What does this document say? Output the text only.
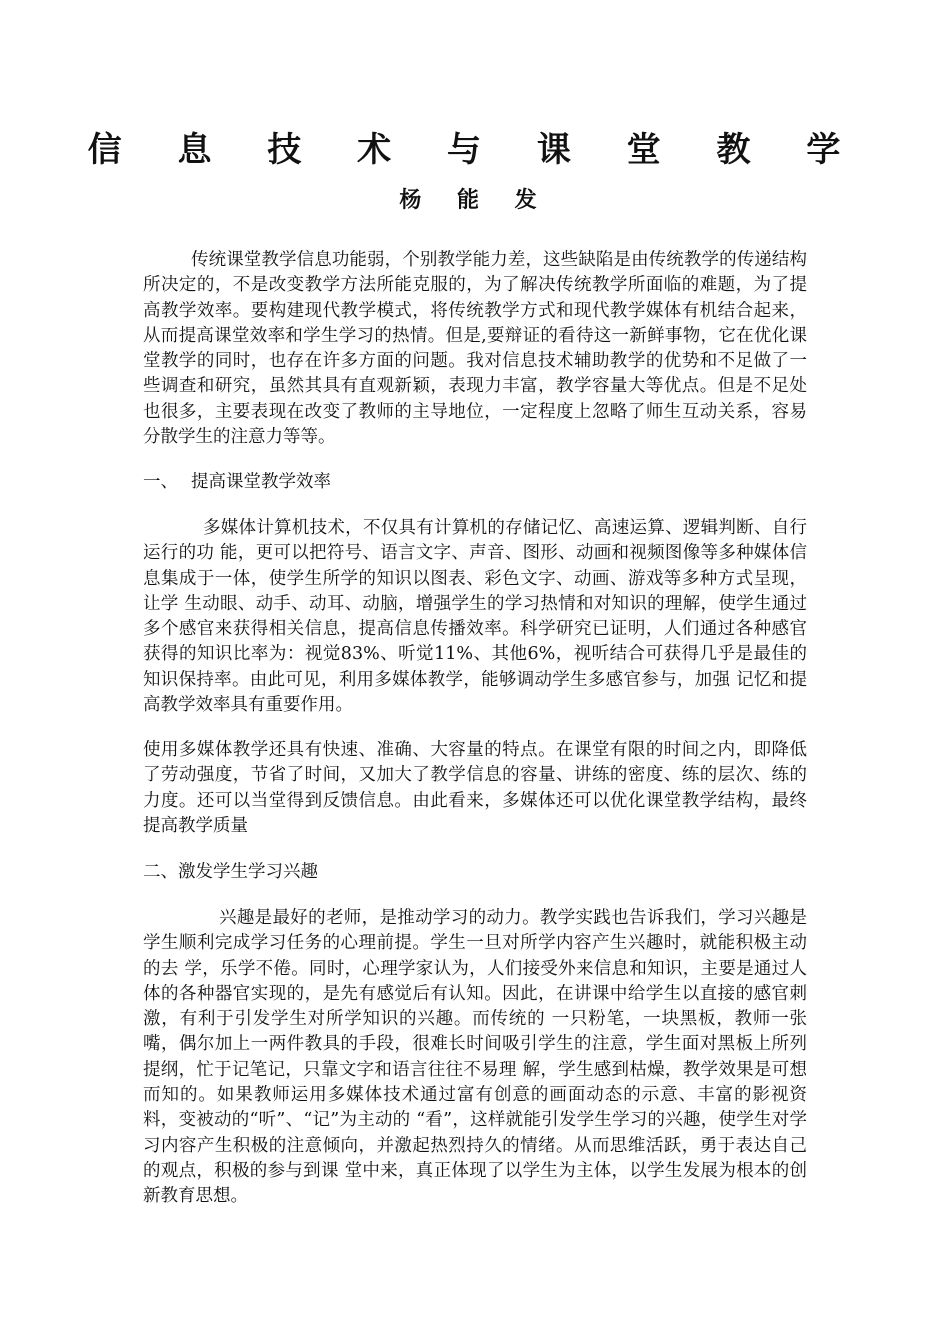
信 息 技 术 与 课 堂 教 学
杨 能 发

传统课堂教学信息功能弱，个别教学能力差，这些缺陷是由传统教学的传递结构所决定的，不是改变教学方法所能克服的，为了解决传统教学所面临的难题，为了提高教学效率。要构建现代教学模式，将传统教学方式和现代教学媒体有机结合起来，从而提高课堂效率和学生学习的热情。但是,要辩证的看待这一新鲜事物，它在优化课堂教学的同时，也存在许多方面的问题。我对信息技术辅助教学的优势和不足做了一些调查和研究，虽然其具有直观新颖，表现力丰富，教学容量大等优点。但是不足处也很多，主要表现在改变了教师的主导地位，一定程度上忽略了师生互动关系，容易分散学生的注意力等等。

一、 提高课堂教学效率

多媒体计算机技术，不仅具有计算机的存储记忆、高速运算、逻辑判断、自行运行的功 能，更可以把符号、语言文字、声音、图形、动画和视频图像等多种媒体信息集成于一体，使学生所学的知识以图表、彩色文字、动画、游戏等多种方式呈现，让学 生动眼、动手、动耳、动脑，增强学生的学习热情和对知识的理解，使学生通过多个感官来获得相关信息，提高信息传播效率。科学研究已证明，人们通过各种感官 获得的知识比率为：视觉83%、听觉11%、其他6%，视听结合可获得几乎是最佳的知识保持率。由此可见，利用多媒体教学，能够调动学生多感官参与，加强 记忆和提高教学效率具有重要作用。

使用多媒体教学还具有快速、准确、大容量的特点。在课堂有限的时间之内，即降低了劳动强度，节省了时间，又加大了教学信息的容量、讲练的密度、练的层次、练的力度。还可以当堂得到反馈信息。由此看来，多媒体还可以优化课堂教学结构，最终提高教学质量

二、激发学生学习兴趣

兴趣是最好的老师，是推动学习的动力。教学实践也告诉我们，学习兴趣是学生顺利完成学习任务的心理前提。学生一旦对所学内容产生兴趣时，就能积极主动的去 学，乐学不倦。同时，心理学家认为，人们接受外来信息和知识，主要是通过人体的各种器官实现的，是先有感觉后有认知。因此，在讲课中给学生以直接的感官刺激，有利于引发学生对所学知识的兴趣。而传统的 一只粉笔，一块黑板，教师一张嘴，偶尔加上一两件教具的手段，很难长时间吸引学生的注意，学生面对黑板上所列提纲，忙于记笔记，只靠文字和语言往往不易理 解，学生感到枯燥，教学效果是可想而知的。如果教师运用多媒体技术通过富有创意的画面动态的示意、丰富的影视资料，变被动的“听”、“记”为主动的 “看”，这样就能引发学生学习的兴趣，使学生对学习内容产生积极的注意倾向，并激起热烈持久的情绪。从而思维活跃，勇于表达自己的观点，积极的参与到课 堂中来，真正体现了以学生为主体，以学生发展为根本的创新教育思想。
